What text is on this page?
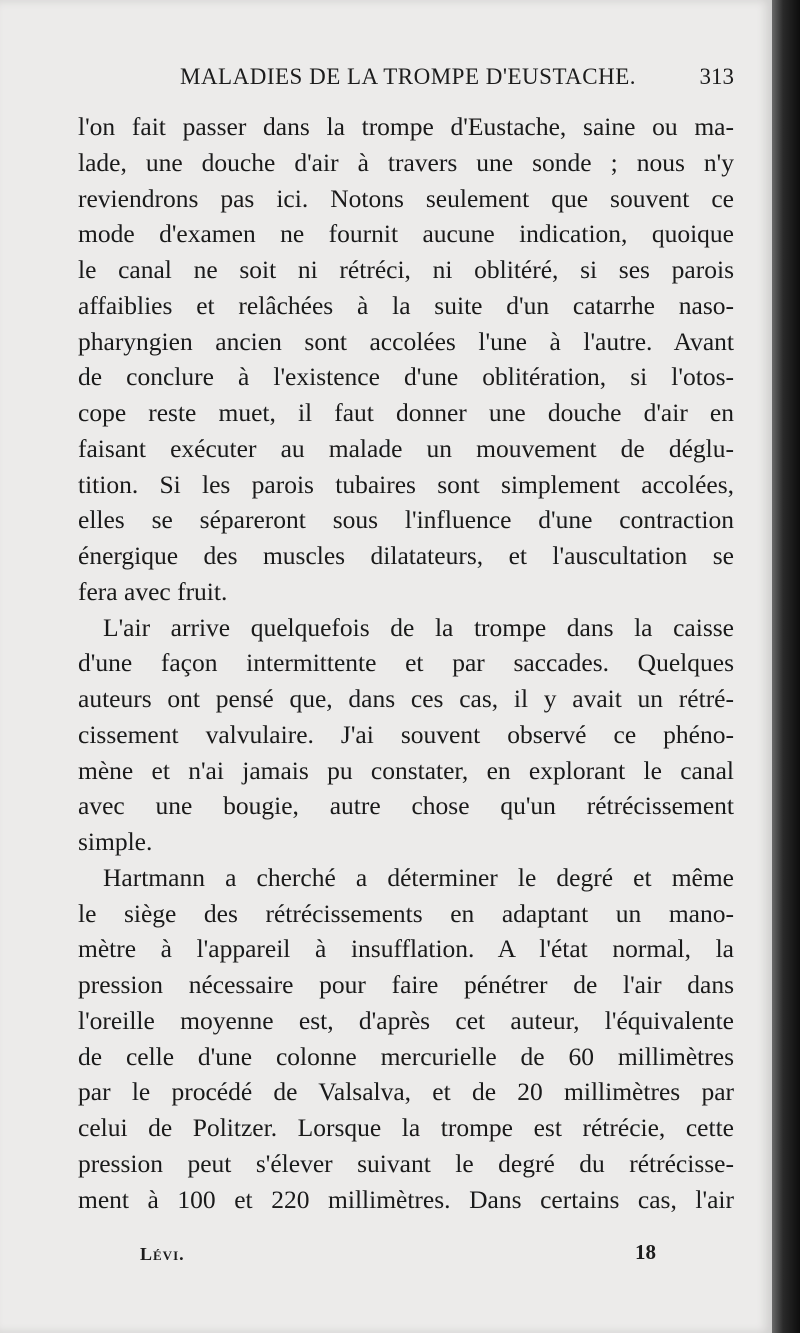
MALADIES DE LA TROMPE D'EUSTACHE.	313
l'on fait passer dans la trompe d'Eustache, saine ou ma-
lade, une douche d'air à travers une sonde ; nous n'y
reviendrons pas ici. Notons seulement que souvent ce
mode d'examen ne fournit aucune indication, quoique
le canal ne soit ni rétréci, ni oblitéré, si ses parois
affaiblies et relâchées à la suite d'un catarrhe naso-
pharyngien ancien sont accolées l'une à l'autre. Avant
de conclure à l'existence d'une oblitération, si l'otos-
cope reste muet, il faut donner une douche d'air en
faisant exécuter au malade un mouvement de déglu-
tition. Si les parois tubaires sont simplement accolées,
elles se sépareront sous l'influence d'une contraction
énergique des muscles dilatateurs, et l'auscultation se
fera avec fruit.
L'air arrive quelquefois de la trompe dans la caisse
d'une façon intermittente et par saccades. Quelques
auteurs ont pensé que, dans ces cas, il y avait un rétré-
cissement valvulaire. J'ai souvent observé ce phéno-
mène et n'ai jamais pu constater, en explorant le canal
avec une bougie, autre chose qu'un rétrécissement
simple.
Hartmann a cherché a déterminer le degré et même
le siège des rétrécissements en adaptant un mano-
mètre à l'appareil à insufflation. A l'état normal, la
pression nécessaire pour faire pénétrer de l'air dans
l'oreille moyenne est, d'après cet auteur, l'équivalente
de celle d'une colonne mercurielle de 60 millimètres
par le procédé de Valsalva, et de 20 millimètres par
celui de Politzer. Lorsque la trompe est rétrécie, cette
pression peut s'élever suivant le degré du rétrécisse-
ment à 100 et 220 millimètres. Dans certains cas, l'air
Lévi.	18
